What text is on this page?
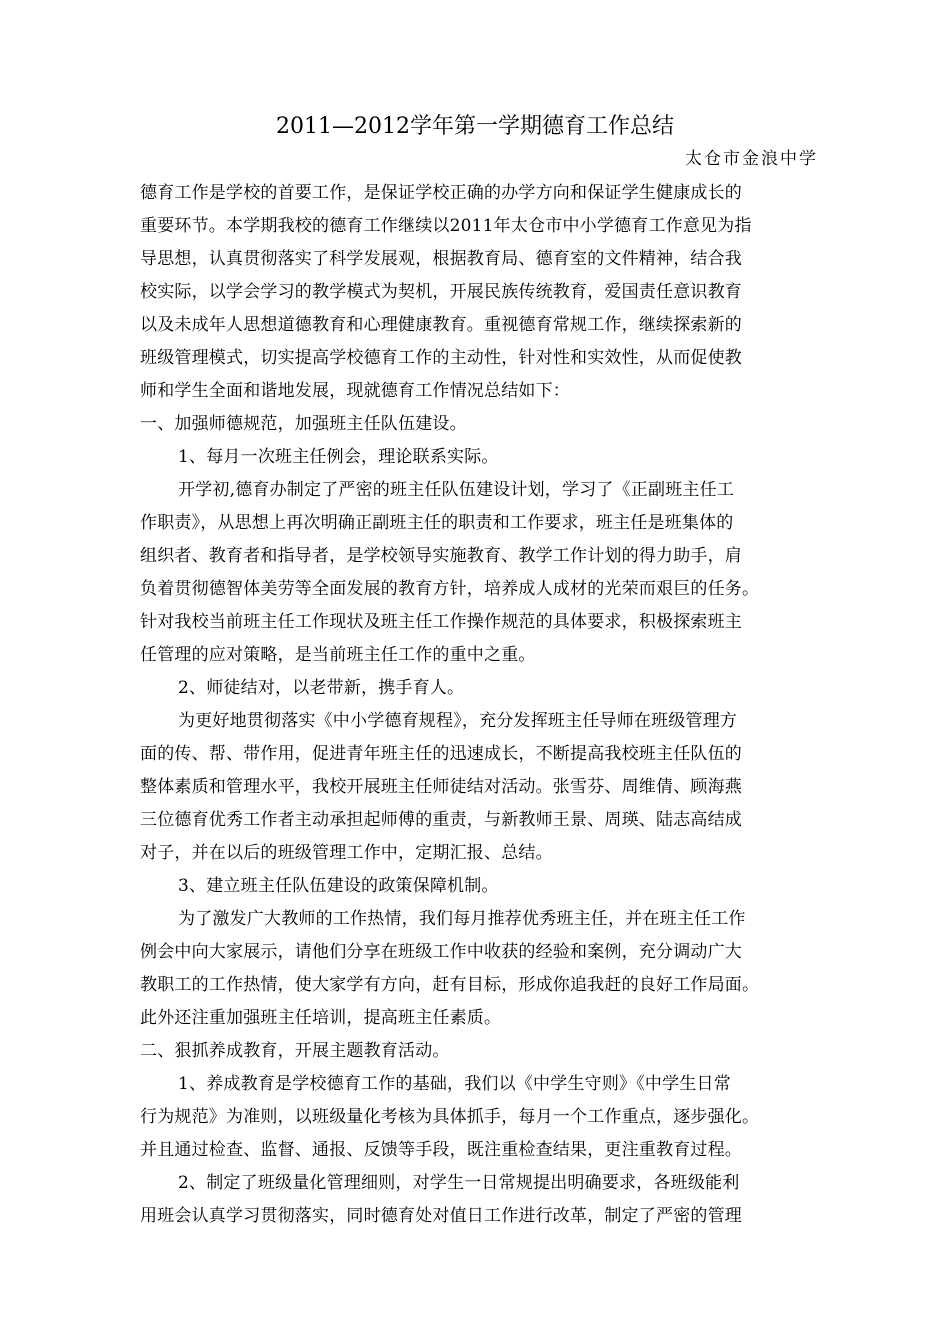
2011—2012学年第一学期德育工作总结
太仓市金浪中学
德育工作是学校的首要工作，是保证学校正确的办学方向和保证学生健康成长的
重要环节。本学期我校的德育工作继续以2011年太仓市中小学德育工作意见为指
导思想，认真贯彻落实了科学发展观，根据教育局、德育室的文件精神，结合我
校实际，以学会学习的教学模式为契机，开展民族传统教育，爱国责任意识教育
以及未成年人思想道德教育和心理健康教育。重视德育常规工作，继续探索新的
班级管理模式，切实提高学校德育工作的主动性，针对性和实效性，从而促使教
师和学生全面和谐地发展，现就德育工作情况总结如下：
一、加强师德规范，加强班主任队伍建设。
1、每月一次班主任例会，理论联系实际。
开学初,德育办制定了严密的班主任队伍建设计划，学习了《正副班主任工
作职责》，从思想上再次明确正副班主任的职责和工作要求，班主任是班集体的
组织者、教育者和指导者，是学校领导实施教育、教学工作计划的得力助手，肩
负着贯彻德智体美劳等全面发展的教育方针，培养成人成材的光荣而艰巨的任务。
针对我校当前班主任工作现状及班主任工作操作规范的具体要求，积极探索班主
任管理的应对策略，是当前班主任工作的重中之重。
2、师徒结对，以老带新，携手育人。
为更好地贯彻落实《中小学德育规程》，充分发挥班主任导师在班级管理方
面的传、帮、带作用，促进青年班主任的迅速成长，不断提高我校班主任队伍的
整体素质和管理水平，我校开展班主任师徒结对活动。张雪芬、周维倩、顾海燕
三位德育优秀工作者主动承担起师傅的重责，与新教师王景、周瑛、陆志高结成
对子，并在以后的班级管理工作中，定期汇报、总结。
3、建立班主任队伍建设的政策保障机制。
为了激发广大教师的工作热情，我们每月推荐优秀班主任，并在班主任工作
例会中向大家展示，请他们分享在班级工作中收获的经验和案例，充分调动广大
教职工的工作热情，使大家学有方向，赶有目标，形成你追我赶的良好工作局面。
此外还注重加强班主任培训，提高班主任素质。
二、狠抓养成教育，开展主题教育活动。
1、养成教育是学校德育工作的基础，我们以《中学生守则》《中学生日常
行为规范》为准则，以班级量化考核为具体抓手，每月一个工作重点，逐步强化。
并且通过检查、监督、通报、反馈等手段，既注重检查结果，更注重教育过程。
2、制定了班级量化管理细则，对学生一日常规提出明确要求，各班级能利
用班会认真学习贯彻落实，同时德育处对值日工作进行改革，制定了严密的管理
